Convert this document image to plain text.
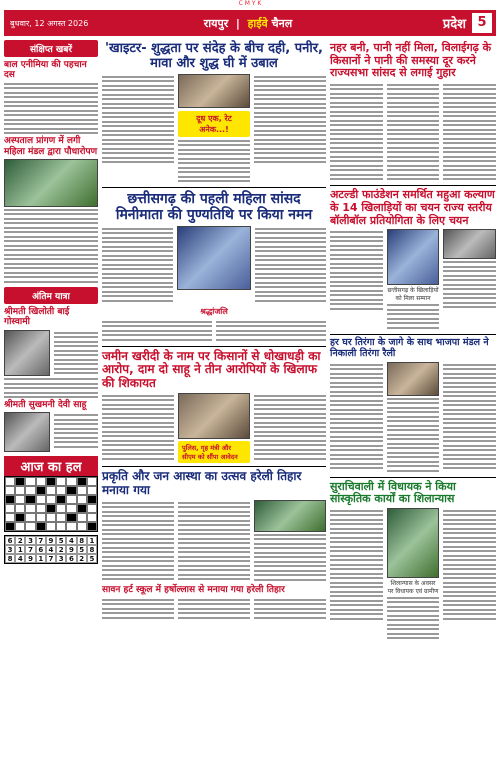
C M Y K
बुधवार, 12 अगस्त 2026	रायपुर  |  हाईवे चैनल	प्रदेश 5
संक्षिप्त खबरें
बाल एनीमिया की पहचान दस
अस्पताल प्रांगण में लगी महिला मंडल द्वारा पौधारोपण
अंतिम यात्रा
श्रीमती खिलोती बाई गोस्वामी
श्रीमती सुखमनी देवी साहू
आज का हल
6 2 3 7 9 5 4 8 1
3 1 7 6 4 2 9 5 8
8 4 9 1 7 3 6 2 5
'खाइटर- शुद्धता पर संदेह के बीच दही, पनीर, मावा और शुद्ध घी में उबाल
दूध एक, रेट अनेक...!
छत्तीसगढ़ की पहली महिला सांसद मिनीमाता की पुण्यतिथि पर किया नमन
श्रद्धांजलि
जमीन खरीदी के नाम पर किसानों से धोखाधड़ी का आरोप, दाम दो साहू ने तीन आरोपियों के खिलाफ की शिकायत
पुलिस, गृह मंत्री और सीएम को सौंपा आवेदन
प्रकृति और जन आस्था का उत्सव हरेली तिहार मनाया गया
सावन हर्ट स्कूल में हर्षोल्लास से मनाया गया हरेली तिहार
नहर बनी, पानी नहीं मिला, विलाईगढ़ के किसानों ने पानी की समस्या दूर करने राज्यसभा सांसद से लगाई गुहार
अटल्डी फाउंडेशन समर्थित महुआ कल्याण के 14 खिलाड़ियों का चयन राज्य स्तरीय बॉलीबॉल प्रतियोगिता के लिए चयन
छत्तीसगढ़ के खिलाड़ियों को मिला सम्मान
हर घर तिरंगा के जागे के साथ भाजपा मंडल ने निकाली तिरंगा रैली
सुराचिवाली में विधायक ने किया सांस्कृतिक कार्यों का शिलान्यास
शिलान्यास के अवसर पर विधायक एवं ग्रामीण
